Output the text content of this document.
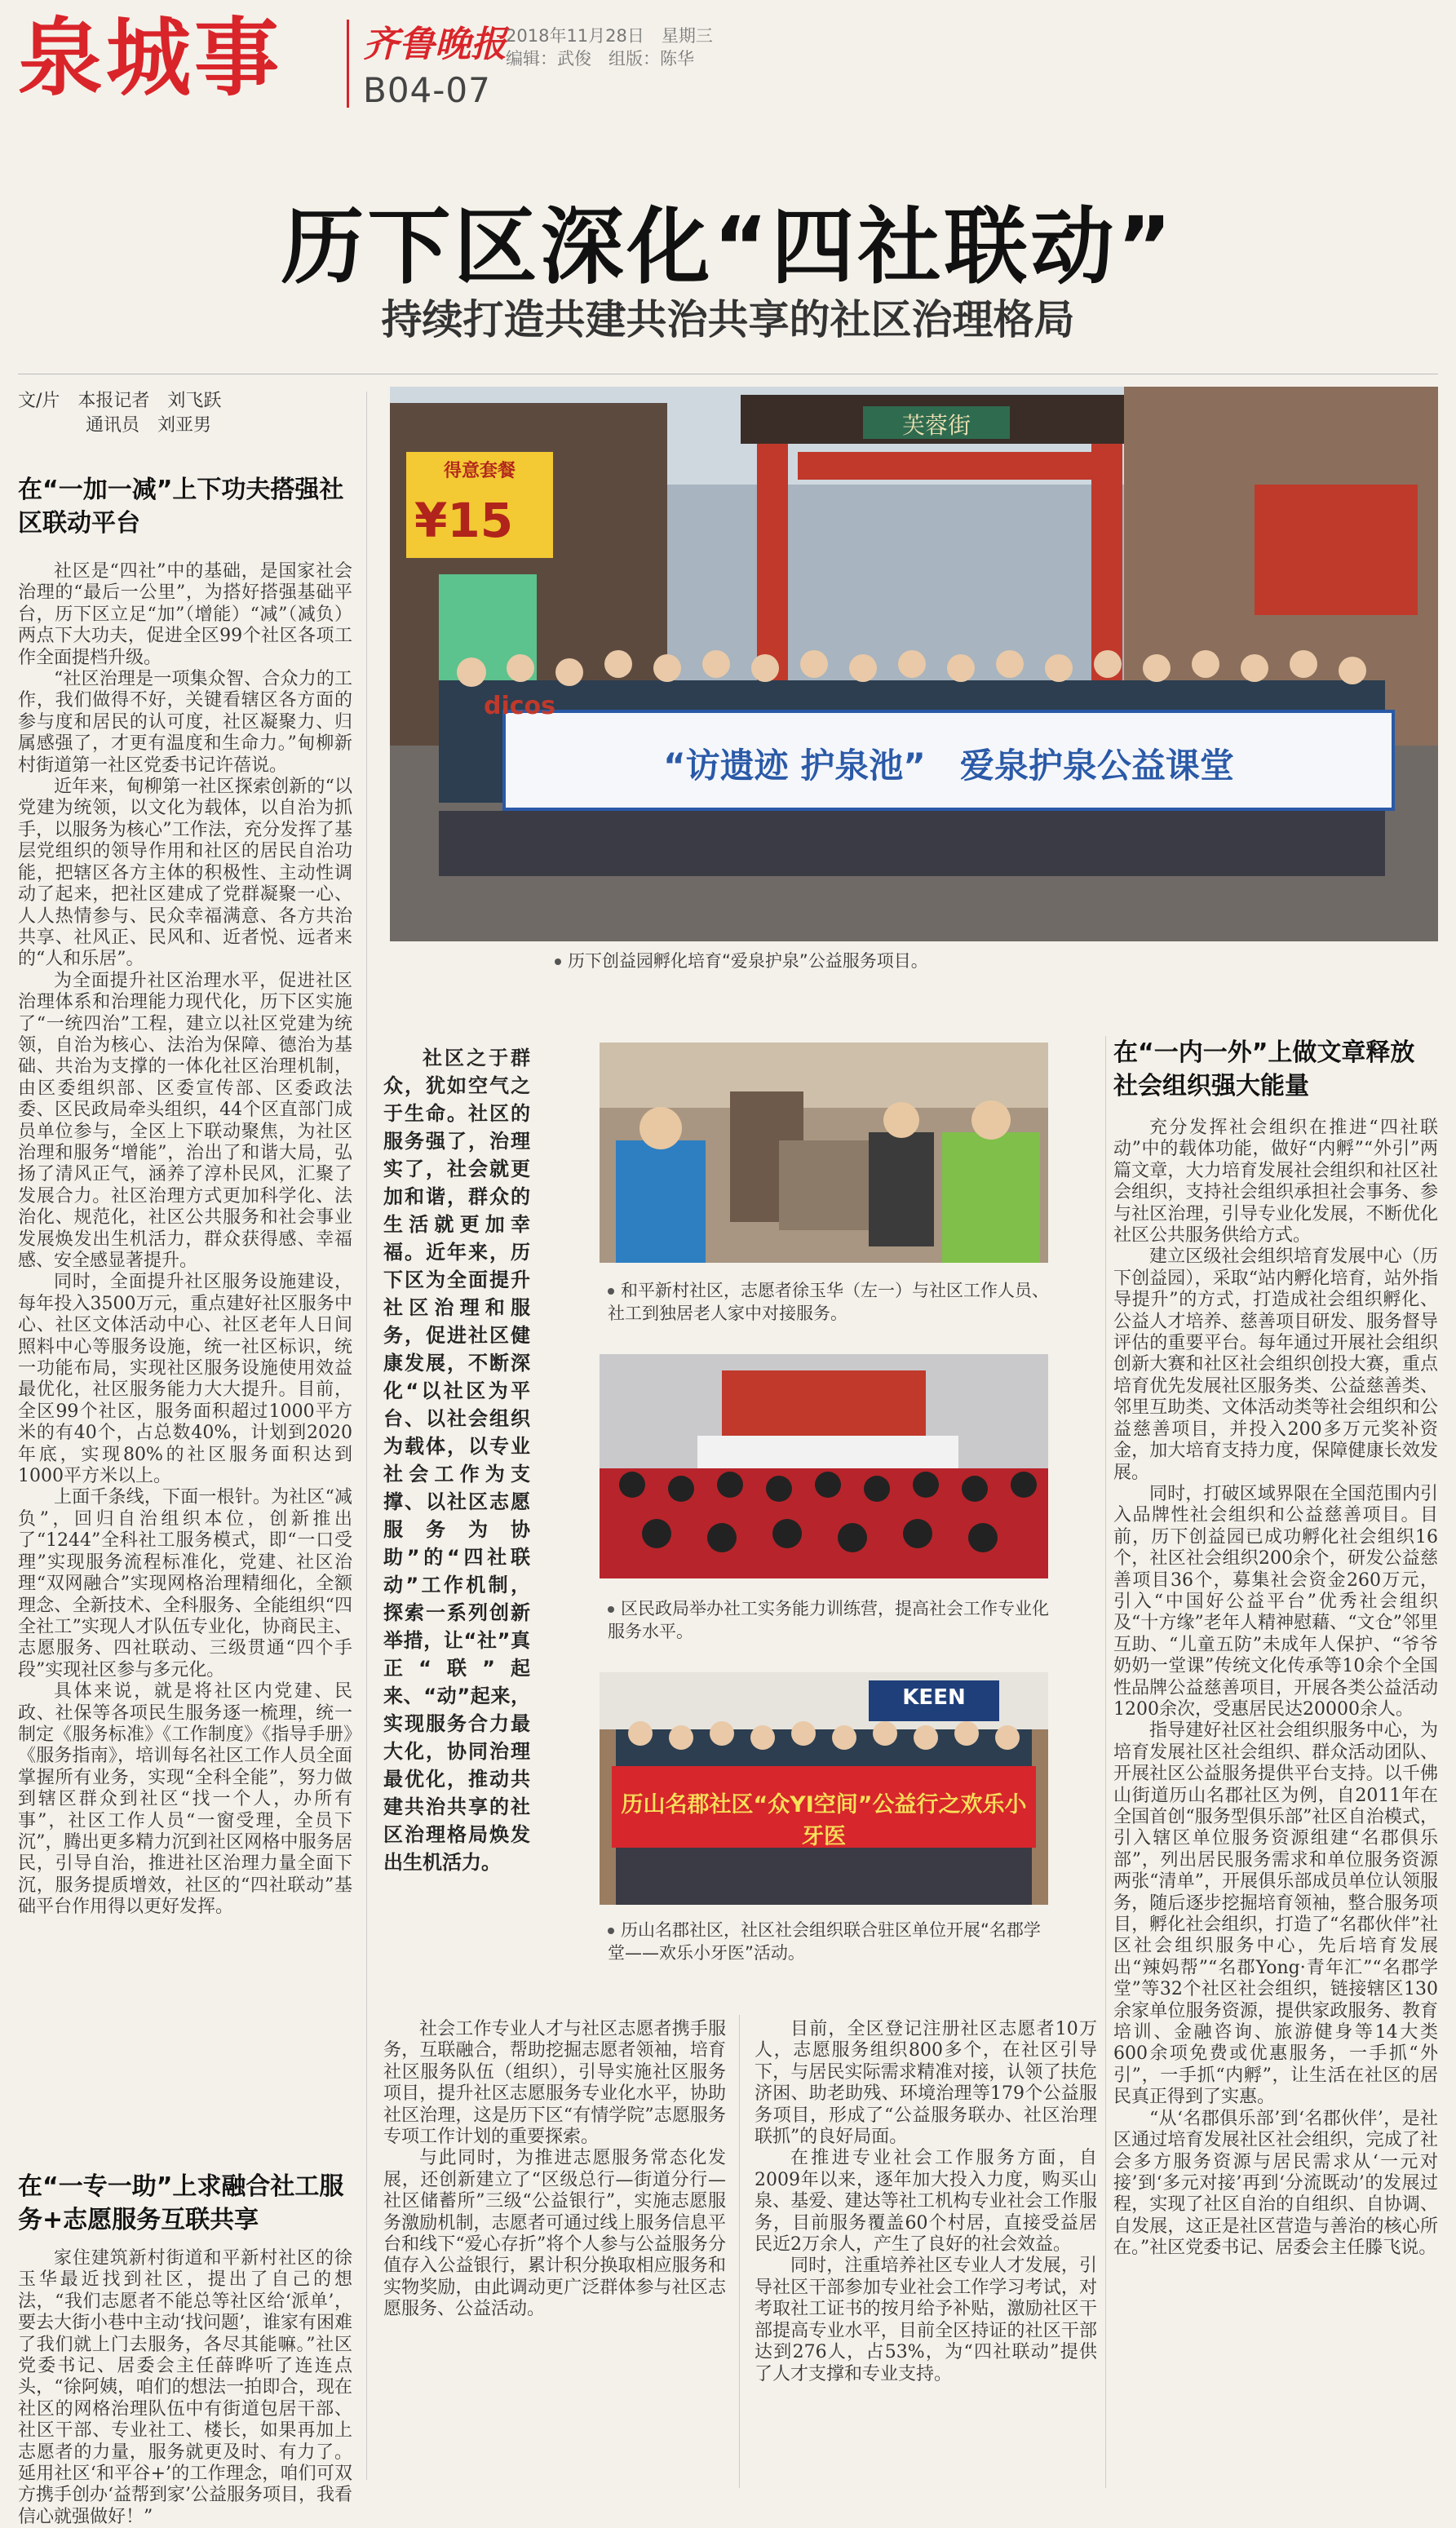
泉城事 齐鲁晚报 2018年11月28日　星期三
编辑：武俊　组版：陈华
B04-07
历下区深化“四社联动”
持续打造共建共治共享的社区治理格局
文/片　本报记者　刘飞跃
通讯员　刘亚男
在“一加一减”上下功夫搭强社区联动平台

社区是“四社”中的基础，是国家社会治理的“最后一公里”，为搭好搭强基础平台，历下区立足“加”（增能）“减”（减负）两点下大功夫，促进全区99个社区各项工作全面提档升级。

“社区治理是一项集众智、合众力的工作，我们做得不好，关键看辖区各方面的参与度和居民的认可度，社区凝聚力、归属感强了，才更有温度和生命力。”甸柳新村街道第一社区党委书记许蓓说。

近年来，甸柳第一社区探索创新的“以党建为统领，以文化为载体，以自治为抓手，以服务为核心”工作法，充分发挥了基层党组织的领导作用和社区的居民自治功能，把辖区各方主体的积极性、主动性调动了起来，把社区建成了党群凝聚一心、人人热情参与、民众幸福满意、各方共治共享、社风正、民风和、近者悦、远者来的“人和乐居”。

为全面提升社区治理水平，促进社区治理体系和治理能力现代化，历下区实施了“一统四治”工程，建立以社区党建为统领，自治为核心、法治为保障、德治为基础、共治为支撑的一体化社区治理机制，由区委组织部、区委宣传部、区委政法委、区民政局牵头组织，44个区直部门成员单位参与，全区上下联动聚焦，为社区治理和服务“增能”，治出了和谐大局，弘扬了清风正气，涵养了淳朴民风，汇聚了发展合力。社区治理方式更加科学化、法治化、规范化，社区公共服务和社会事业发展焕发出生机活力，群众获得感、幸福感、安全感显著提升。

同时，全面提升社区服务设施建设，每年投入3500万元，重点建好社区服务中心、社区文体活动中心、社区老年人日间照料中心等服务设施，统一社区标识，统一功能布局，实现社区服务设施使用效益最优化，社区服务能力大大提升。目前，全区99个社区，服务面积超过1000平方米的有40个，占总数40%，计划到2020年底，实现80%的社区服务面积达到1000平方米以上。

上面千条线，下面一根针。为社区“减负”，回归自治组织本位，创新推出了“1244”全科社工服务模式，即“一口受理”实现服务流程标准化，党建、社区治理“双网融合”实现网格治理精细化，全额理念、全新技术、全科服务、全能组织“四全社工”实现人才队伍专业化，协商民主、志愿服务、四社联动、三级贯通“四个手段”实现社区参与多元化。

具体来说，就是将社区内党建、民政、社保等各项民生服务逐一梳理，统一制定《服务标准》《工作制度》《指导手册》《服务指南》，培训每名社区工作人员全面掌握所有业务，实现“全科全能”，努力做到辖区群众到社区“找一个人，办所有事”，社区工作人员“一窗受理，全员下沉”，腾出更多精力沉到社区网格中服务居民，引导自治，推进社区治理力量全面下沉，服务提质增效，社区的“四社联动”基础平台作用得以更好发挥。

在“一专一助”上求融合社工服务+志愿服务互联共享

家住建筑新村街道和平新村社区的徐玉华最近找到社区，提出了自己的想法，“我们志愿者不能总等社区给‘派单’，要去大街小巷中主动‘找问题’，谁家有困难了我们就上门去服务，各尽其能嘛。”社区党委书记、居委会主任薛晔听了连连点头，“徐阿姨，咱们的想法一拍即合，现在社区的网格治理队伍中有街道包居干部、社区干部、专业社工、楼长，如果再加上志愿者的力量，服务就更及时、有力了。延用社区‘和平谷+’的工作理念，咱们可双方携手创办‘益帮到家’公益服务项目，我看信心就强做好！”

得意套餐
¥15
dicos
芙蓉街
“访遗迹 护泉池”　爱泉护泉公益课堂
历下创益园孵化培育“爱泉护泉”公益服务项目。
社区之于群众，犹如空气之于生命。社区的服务强了，治理实了，社会就更加和谐，群众的生活就更加幸福。近年来，历下区为全面提升社区治理和服务，促进社区健康发展，不断深化“以社区为平台、以社会组织为载体，以专业社会工作为支撑、以社区志愿服务为协助”的“四社联动”工作机制，探索一系列创新举措，让“社”真正“联”起来、“动”起来，实现服务合力最大化，协同治理最优化，推动共建共治共享的社区治理格局焕发出生机活力。
和平新村社区，志愿者徐玉华（左一）与社区工作人员、社工到独居老人家中对接服务。
区民政局举办社工实务能力训练营，提高社会工作专业化服务水平。
KEEN
历山名郡社区“众YI空间”公益行之欢乐小牙医
历山名郡社区，社区社会组织联合驻区单位开展“名郡学堂——欢乐小牙医”活动。

社会工作专业人才与社区志愿者携手服务，互联融合，帮助挖掘志愿者领袖，培育社区服务队伍（组织），引导实施社区服务项目，提升社区志愿服务专业化水平，协助社区治理，这是历下区“有情学院”志愿服务专项工作计划的重要探索。

与此同时，为推进志愿服务常态化发展，还创新建立了“区级总行—街道分行—社区储蓄所”三级“公益银行”，实施志愿服务激励机制，志愿者可通过线上服务信息平台和线下“爱心存折”将个人参与公益服务分值存入公益银行，累计积分换取相应服务和实物奖励，由此调动更广泛群体参与社区志愿服务、公益活动。

目前，全区登记注册社区志愿者10万人，志愿服务组织800多个，在社区引导下，与居民实际需求精准对接，认领了扶危济困、助老助残、环境治理等179个公益服务项目，形成了“公益服务联办、社区治理联抓”的良好局面。

在推进专业社会工作服务方面，自2009年以来，逐年加大投入力度，购买山泉、基爱、建达等社工机构专业社会工作服务，目前服务覆盖60个村居，直接受益居民近2万余人，产生了良好的社会效益。

同时，注重培养社区专业人才发展，引导社区干部参加专业社会工作学习考试，对考取社工证书的按月给予补贴，激励社区干部提高专业水平，目前全区持证的社区干部达到276人，占53%，为“四社联动”提供了人才支撑和专业支持。

在“一内一外”上做文章释放社会组织强大能量

充分发挥社会组织在推进“四社联动”中的载体功能，做好“内孵”“外引”两篇文章，大力培育发展社会组织和社区社会组织，支持社会组织承担社会事务、参与社区治理，引导专业化发展，不断优化社区公共服务供给方式。

建立区级社会组织培育发展中心（历下创益园），采取“站内孵化培育，站外指导提升”的方式，打造成社会组织孵化、公益人才培养、慈善项目研发、服务督导评估的重要平台。每年通过开展社会组织创新大赛和社区社会组织创投大赛，重点培育优先发展社区服务类、公益慈善类、邻里互助类、文体活动类等社会组织和公益慈善项目，并投入200多万元奖补资金，加大培育支持力度，保障健康长效发展。

同时，打破区域界限在全国范围内引入品牌性社会组织和公益慈善项目。目前，历下创益园已成功孵化社会组织16个，社区社会组织200余个，研发公益慈善项目36个，募集社会资金260万元，引入“中国好公益平台”优秀社会组织及“十方缘”老年人精神慰藉、“文仓”邻里互助、“儿童五防”未成年人保护、“爷爷奶奶一堂课”传统文化传承等10余个全国性品牌公益慈善项目，开展各类公益活动1200余次，受惠居民达20000余人。

指导建好社区社会组织服务中心，为培育发展社区社会组织、群众活动团队、开展社区公益服务提供平台支持。以千佛山街道历山名郡社区为例，自2011年在全国首创“服务型俱乐部”社区自治模式，引入辖区单位服务资源组建“名郡俱乐部”，列出居民服务需求和单位服务资源两张“清单”，开展俱乐部成员单位认领服务，随后逐步挖掘培育领袖，整合服务项目，孵化社会组织，打造了“名郡伙伴”社区社会组织服务中心，先后培育发展出“辣妈帮”“名郡Yong·青年汇”“名郡学堂”等32个社区社会组织，链接辖区130余家单位服务资源，提供家政服务、教育培训、金融咨询、旅游健身等14大类600余项免费或优惠服务，一手抓“外引”，一手抓“内孵”，让生活在社区的居民真正得到了实惠。

“从‘名郡俱乐部’到‘名郡伙伴’，是社区通过培育发展社区社会组织，完成了社会多方服务资源与居民需求从‘一元对接’到‘多元对接’再到‘分流既动’的发展过程，实现了社区自治的自组织、自协调、自发展，这正是社区营造与善治的核心所在。”社区党委书记、居委会主任滕飞说。
